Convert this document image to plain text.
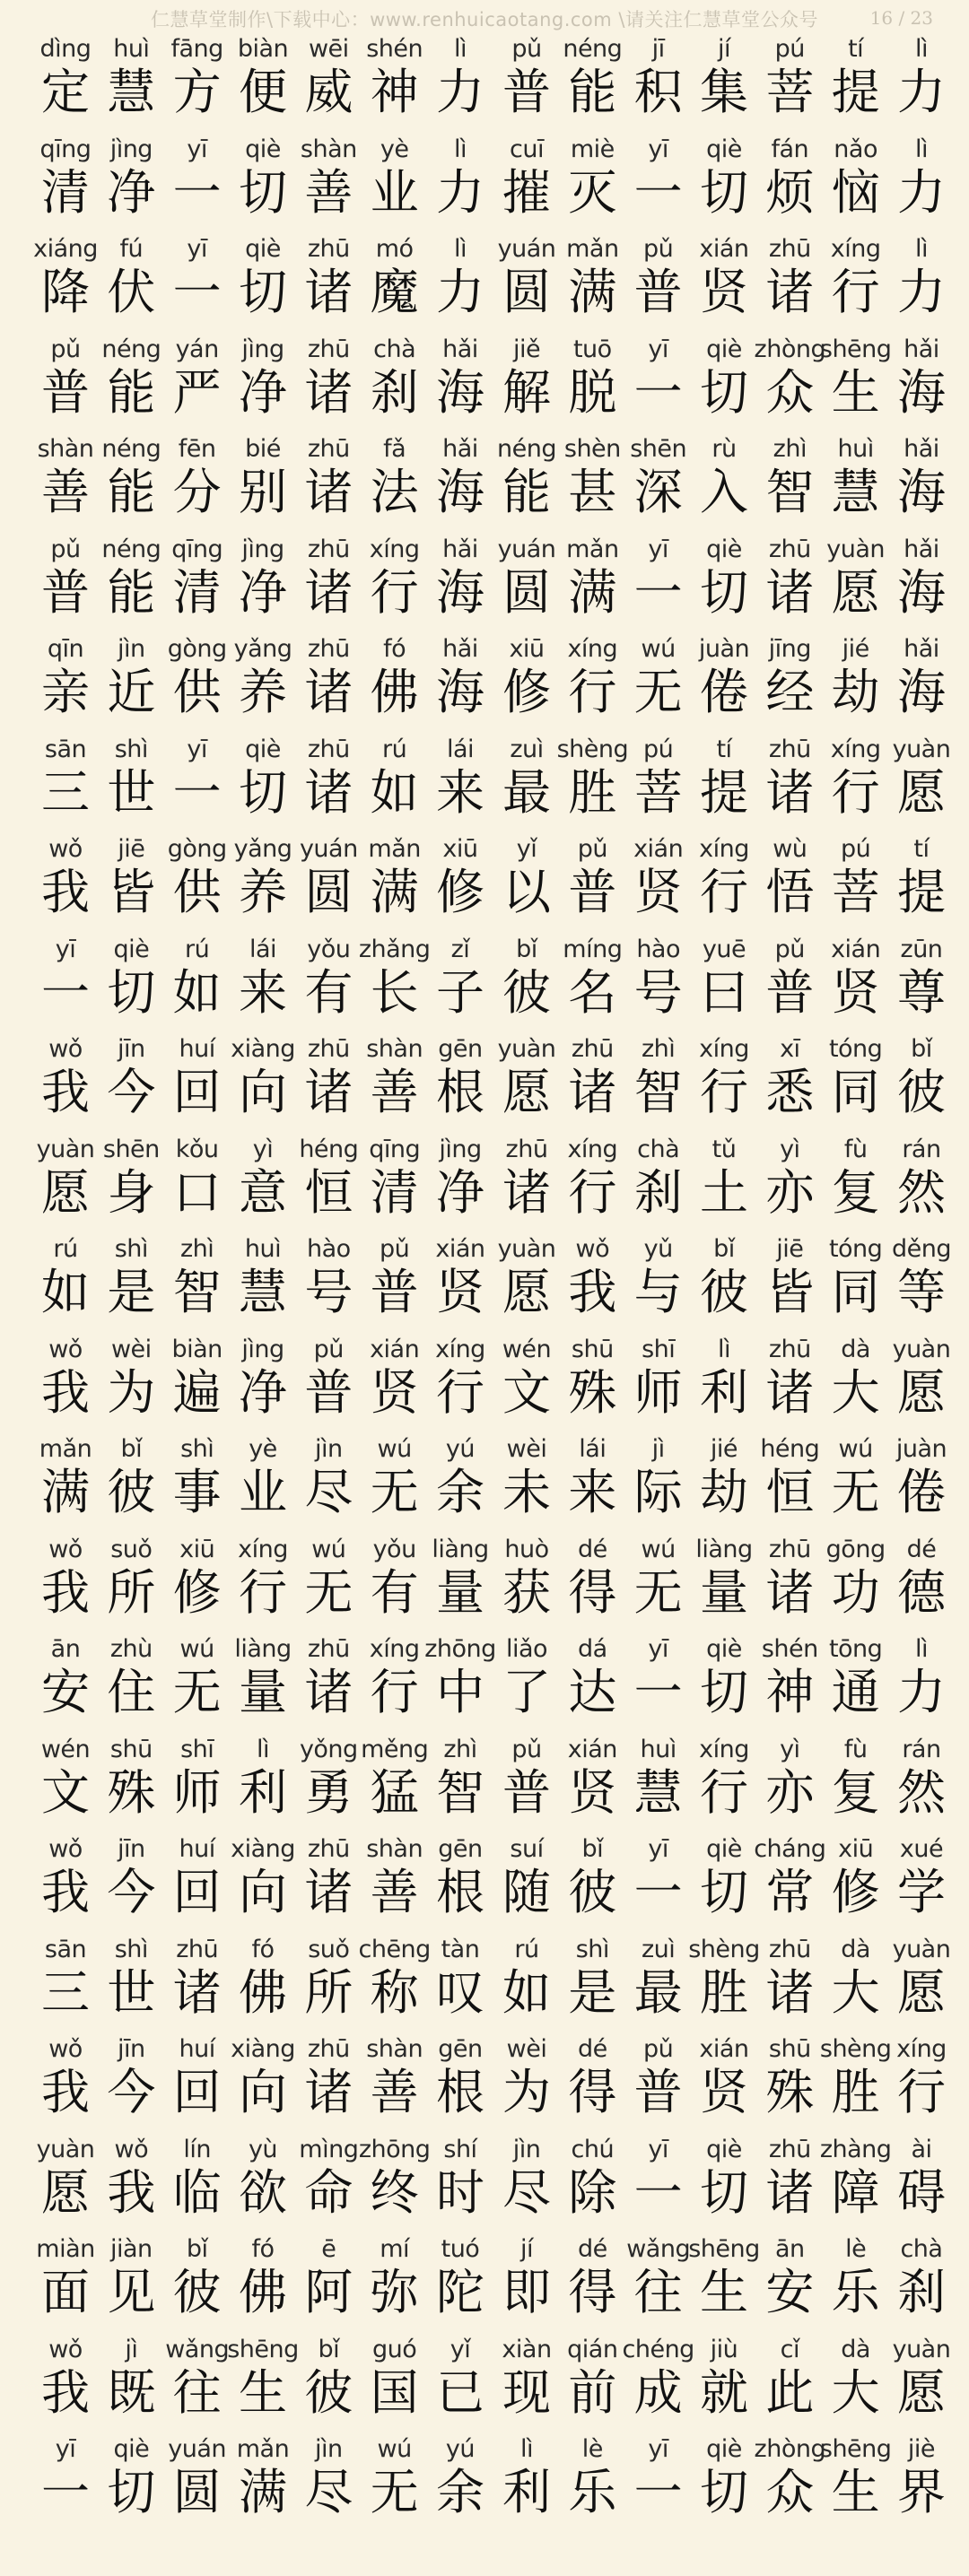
仁慧草堂制作\下载中心：www.renhuicaotang.com \请关注仁慧草堂公众号	16 / 23
dìng
定
huì
慧
fāng
方
biàn
便
wēi
威
shén
神
lì
力
pǔ
普
néng
能
jī
积
jí
集
pú
菩
tí
提
lì
力
qīng
清
jìng
净
yī
一
qiè
切
shàn
善
yè
业
lì
力
cuī
摧
miè
灭
yī
一
qiè
切
fán
烦
nǎo
恼
lì
力
xiáng
降
fú
伏
yī
一
qiè
切
zhū
诸
mó
魔
lì
力
yuán
圆
mǎn
满
pǔ
普
xián
贤
zhū
诸
xíng
行
lì
力
pǔ
普
néng
能
yán
严
jìng
净
zhū
诸
chà
刹
hǎi
海
jiě
解
tuō
脱
yī
一
qiè
切
zhòng
众
shēng
生
hǎi
海
shàn
善
néng
能
fēn
分
bié
别
zhū
诸
fǎ
法
hǎi
海
néng
能
shèn
甚
shēn
深
rù
入
zhì
智
huì
慧
hǎi
海
pǔ
普
néng
能
qīng
清
jìng
净
zhū
诸
xíng
行
hǎi
海
yuán
圆
mǎn
满
yī
一
qiè
切
zhū
诸
yuàn
愿
hǎi
海
qīn
亲
jìn
近
gòng
供
yǎng
养
zhū
诸
fó
佛
hǎi
海
xiū
修
xíng
行
wú
无
juàn
倦
jīng
经
jié
劫
hǎi
海
sān
三
shì
世
yī
一
qiè
切
zhū
诸
rú
如
lái
来
zuì
最
shèng
胜
pú
菩
tí
提
zhū
诸
xíng
行
yuàn
愿
wǒ
我
jiē
皆
gòng
供
yǎng
养
yuán
圆
mǎn
满
xiū
修
yǐ
以
pǔ
普
xián
贤
xíng
行
wù
悟
pú
菩
tí
提
yī
一
qiè
切
rú
如
lái
来
yǒu
有
zhǎng
长
zǐ
子
bǐ
彼
míng
名
hào
号
yuē
曰
pǔ
普
xián
贤
zūn
尊
wǒ
我
jīn
今
huí
回
xiàng
向
zhū
诸
shàn
善
gēn
根
yuàn
愿
zhū
诸
zhì
智
xíng
行
xī
悉
tóng
同
bǐ
彼
yuàn
愿
shēn
身
kǒu
口
yì
意
héng
恒
qīng
清
jìng
净
zhū
诸
xíng
行
chà
刹
tǔ
土
yì
亦
fù
复
rán
然
rú
如
shì
是
zhì
智
huì
慧
hào
号
pǔ
普
xián
贤
yuàn
愿
wǒ
我
yǔ
与
bǐ
彼
jiē
皆
tóng
同
děng
等
wǒ
我
wèi
为
biàn
遍
jìng
净
pǔ
普
xián
贤
xíng
行
wén
文
shū
殊
shī
师
lì
利
zhū
诸
dà
大
yuàn
愿
mǎn
满
bǐ
彼
shì
事
yè
业
jìn
尽
wú
无
yú
余
wèi
未
lái
来
jì
际
jié
劫
héng
恒
wú
无
juàn
倦
wǒ
我
suǒ
所
xiū
修
xíng
行
wú
无
yǒu
有
liàng
量
huò
获
dé
得
wú
无
liàng
量
zhū
诸
gōng
功
dé
德
ān
安
zhù
住
wú
无
liàng
量
zhū
诸
xíng
行
zhōng
中
liǎo
了
dá
达
yī
一
qiè
切
shén
神
tōng
通
lì
力
wén
文
shū
殊
shī
师
lì
利
yǒng
勇
měng
猛
zhì
智
pǔ
普
xián
贤
huì
慧
xíng
行
yì
亦
fù
复
rán
然
wǒ
我
jīn
今
huí
回
xiàng
向
zhū
诸
shàn
善
gēn
根
suí
随
bǐ
彼
yī
一
qiè
切
cháng
常
xiū
修
xué
学
sān
三
shì
世
zhū
诸
fó
佛
suǒ
所
chēng
称
tàn
叹
rú
如
shì
是
zuì
最
shèng
胜
zhū
诸
dà
大
yuàn
愿
wǒ
我
jīn
今
huí
回
xiàng
向
zhū
诸
shàn
善
gēn
根
wèi
为
dé
得
pǔ
普
xián
贤
shū
殊
shèng
胜
xíng
行
yuàn
愿
wǒ
我
lín
临
yù
欲
mìng
命
zhōng
终
shí
时
jìn
尽
chú
除
yī
一
qiè
切
zhū
诸
zhàng
障
ài
碍
miàn
面
jiàn
见
bǐ
彼
fó
佛
ē
阿
mí
弥
tuó
陀
jí
即
dé
得
wǎng
往
shēng
生
ān
安
lè
乐
chà
刹
wǒ
我
jì
既
wǎng
往
shēng
生
bǐ
彼
guó
国
yǐ
已
xiàn
现
qián
前
chéng
成
jiù
就
cǐ
此
dà
大
yuàn
愿
yī
一
qiè
切
yuán
圆
mǎn
满
jìn
尽
wú
无
yú
余
lì
利
lè
乐
yī
一
qiè
切
zhòng
众
shēng
生
jiè
界
